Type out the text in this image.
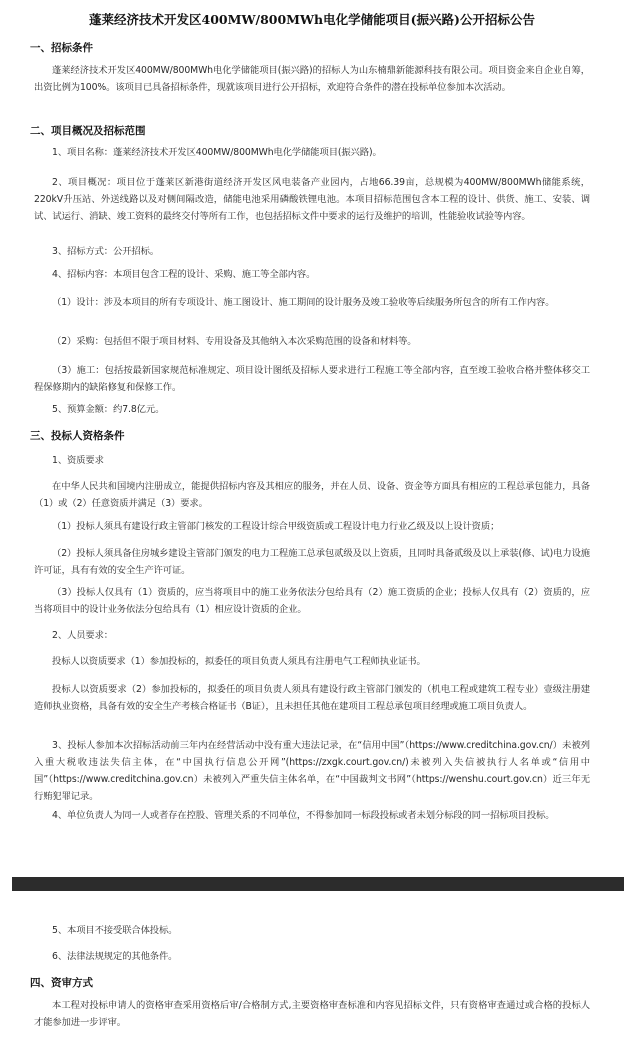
蓬莱经济技术开发区400MW/800MWh电化学储能项目(振兴路)公开招标公告
一、招标条件
蓬莱经济技术开发区400MW/800MWh电化学储能项目(振兴路)的招标人为山东楠鼎新能源科技有限公司。项目资金来自企业自筹，出资比例为100%。该项目已具备招标条件，现就该项目进行公开招标，欢迎符合条件的潜在投标单位参加本次活动。
二、项目概况及招标范围
1、项目名称：蓬莱经济技术开发区400MW/800MWh电化学储能项目(振兴路)。
2、项目概况：项目位于蓬莱区新港街道经济开发区风电装备产业园内，占地66.39亩，总规模为400MW/800MWh储能系统，220kV升压站、外送线路以及对侧间隔改造，储能电池采用磷酸铁锂电池。本项目招标范围包含本工程的设计、供货、施工、安装、调试、试运行、消缺、竣工资料的最终交付等所有工作，也包括招标文件中要求的运行及维护的培训，性能验收试验等内容。
3、招标方式：公开招标。
4、招标内容：本项目包含工程的设计、采购、施工等全部内容。
（1）设计：涉及本项目的所有专项设计、施工图设计、施工期间的设计服务及竣工验收等后续服务所包含的所有工作内容。
（2）采购：包括但不限于项目材料、专用设备及其他纳入本次采购范围的设备和材料等。
（3）施工：包括按最新国家规范标准规定、项目设计图纸及招标人要求进行工程施工等全部内容，直至竣工验收合格并整体移交工程保修期内的缺陷修复和保修工作。
5、预算金额：约7.8亿元。
三、投标人资格条件
1、资质要求
在中华人民共和国境内注册成立，能提供招标内容及其相应的服务，并在人员、设备、资金等方面具有相应的工程总承包能力，具备（1）或（2）任意资质并满足（3）要求。
（1）投标人须具有建设行政主管部门核发的工程设计综合甲级资质或工程设计电力行业乙级及以上设计资质；
（2）投标人须具备住房城乡建设主管部门颁发的电力工程施工总承包贰级及以上资质，且同时具备贰级及以上承装(修、试)电力设施许可证，具有有效的安全生产许可证。
（3）投标人仅具有（1）资质的，应当将项目中的施工业务依法分包给具有（2）施工资质的企业；投标人仅具有（2）资质的，应当将项目中的设计业务依法分包给具有（1）相应设计资质的企业。
2、人员要求：
投标人以资质要求（1）参加投标的，拟委任的项目负责人须具有注册电气工程师执业证书。
投标人以资质要求（2）参加投标的，拟委任的项目负责人须具有建设行政主管部门颁发的（机电工程或建筑工程专业）壹级注册建造师执业资格，具备有效的安全生产考核合格证书（B证），且未担任其他在建项目工程总承包项目经理或施工项目负责人。
3、投标人参加本次招标活动前三年内在经营活动中没有重大违法记录，在“信用中国”（https://www.creditchina.gov.cn/）未被列入重大税收违法失信主体，在“中国执行信息公开网”(https://zxgk.court.gov.cn/)未被列入失信被执行人名单或“信用中国”（https://www.creditchina.gov.cn）未被列入严重失信主体名单，在“中国裁判文书网”（https://wenshu.court.gov.cn）近三年无行贿犯罪记录。
4、单位负责人为同一人或者存在控股、管理关系的不同单位，不得参加同一标段投标或者未划分标段的同一招标项目投标。
5、本项目不接受联合体投标。
6、法律法规规定的其他条件。
四、资审方式
本工程对投标申请人的资格审查采用资格后审/合格制方式,主要资格审查标准和内容见招标文件，只有资格审查通过或合格的投标人才能参加进一步评审。
